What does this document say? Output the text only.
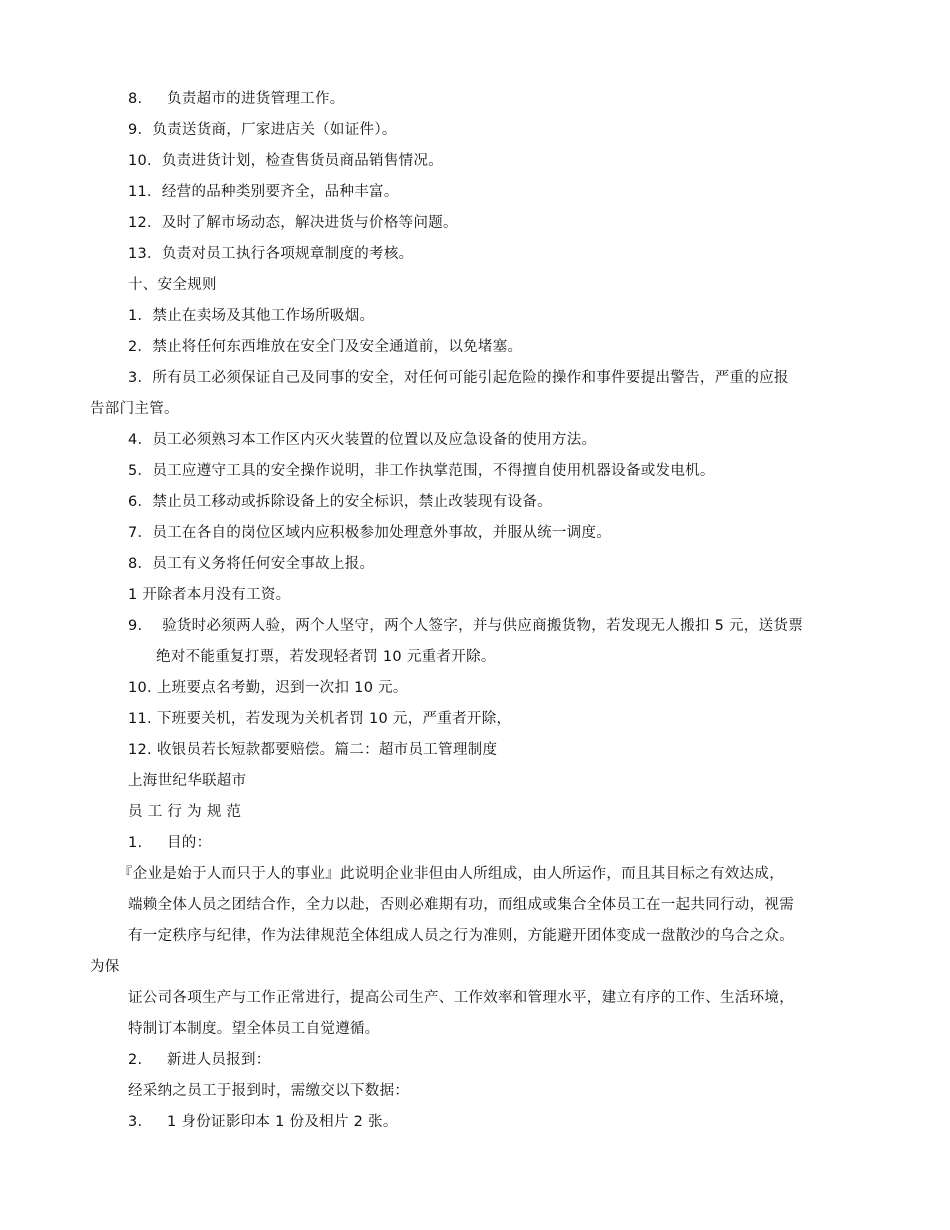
8.     负责超市的进货管理工作。
9．负责送货商，厂家进店关（如证件）。
10．负责进货计划，检查售货员商品销售情况。
11．经营的品种类别要齐全，品种丰富。
12．及时了解市场动态，解决进货与价格等问题。
13．负责对员工执行各项规章制度的考核。
十、安全规则
1．禁止在卖场及其他工作场所吸烟。
2．禁止将任何东西堆放在安全门及安全通道前，以免堵塞。
3．所有员工必须保证自己及同事的安全，对任何可能引起危险的操作和事件要提出警告，严重的应报
告部门主管。
4．员工必须熟习本工作区内灭火装置的位置以及应急设备的使用方法。
5．员工应遵守工具的安全操作说明，非工作执掌范围，不得擅自使用机器设备或发电机。
6．禁止员工移动或拆除设备上的安全标识，禁止改装现有设备。
7．员工在各自的岗位区域内应积极参加处理意外事故，并服从统一调度。
8．员工有义务将任何安全事故上报。
1 开除者本月没有工资。
9.    验货时必须两人验，两个人坚守，两个人签字，并与供应商搬货物，若发现无人搬扣 5 元，送货票
绝对不能重复打票，若发现轻者罚 10 元重者开除。
10. 上班要点名考勤，迟到一次扣 10 元。
11. 下班要关机，若发现为关机者罚 10 元，严重者开除，
12. 收银员若长短款都要赔偿。篇二：超市员工管理制度
上海世纪华联超市
员 工 行 为 规 范
1.     目的：
『企业是始于人而只于人的事业』此说明企业非但由人所组成，由人所运作，而且其目标之有效达成，
端赖全体人员之团结合作，全力以赴，否则必难期有功，而组成或集合全体员工在一起共同行动，视需
有一定秩序与纪律，作为法律规范全体组成人员之行为准则，方能避开团体变成一盘散沙的乌合之众。
为保
证公司各项生产与工作正常进行，提高公司生产、工作效率和管理水平，建立有序的工作、生活环境，
特制订本制度。望全体员工自觉遵循。
2.     新进人员报到：
经采纳之员工于报到时，需缴交以下数据：
3.     1 身份证影印本 1 份及相片 2 张。
